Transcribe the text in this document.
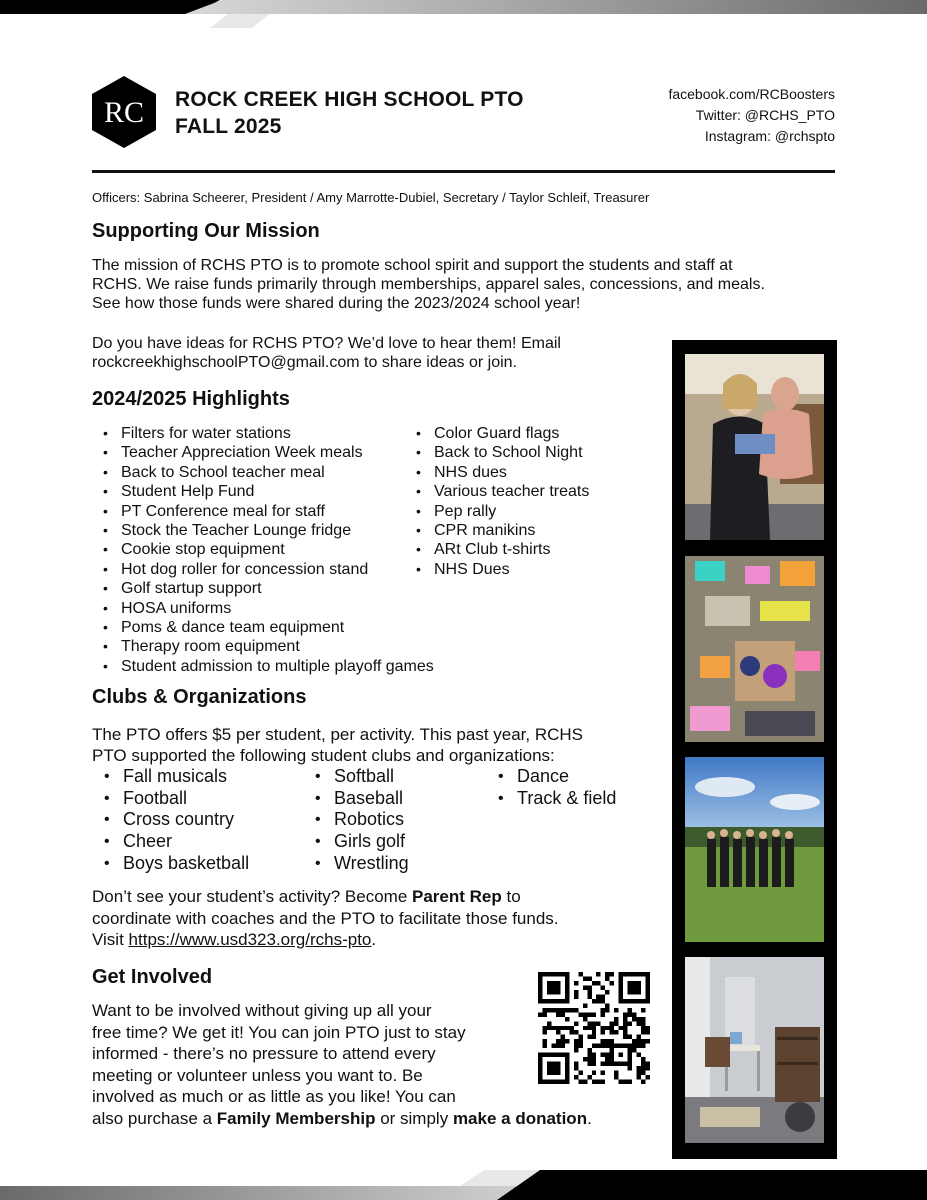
RC ROCK CREEK HIGH SCHOOL PTO
FALL 2025
facebook.com/RCBoosters
Twitter: @RCHS_PTO
Instagram: @rchspto
Officers: Sabrina Scheerer, President / Amy Marrotte-Dubiel, Secretary / Taylor Schleif, Treasurer
Supporting Our Mission
The mission of RCHS PTO is to promote school spirit and support the students and staff at
RCHS. We raise funds primarily through memberships, apparel sales, concessions, and meals.
See how those funds were shared during the 2023/2024 school year!
Do you have ideas for RCHS PTO? We’d love to hear them! Email
rockcreekhighschoolPTO@gmail.com to share ideas or join.
2024/2025 Highlights
• Filters for water stations
• Teacher Appreciation Week meals
• Back to School teacher meal
• Student Help Fund
• PT Conference meal for staff
• Stock the Teacher Lounge fridge
• Cookie stop equipment
• Hot dog roller for concession stand
• Golf startup support
• HOSA uniforms
• Poms & dance team equipment
• Therapy room equipment
• Student admission to multiple playoff games
• Color Guard flags
• Back to School Night
• NHS dues
• Various teacher treats
• Pep rally
• CPR manikins
• ARt Club t-shirts
• NHS Dues
Clubs & Organizations
The PTO offers $5 per student, per activity. This past year, RCHS
PTO supported the following student clubs and organizations:
• Fall musicals
• Football
• Cross country
• Cheer
• Boys basketball
• Softball
• Baseball
• Robotics
• Girls golf
• Wrestling
• Dance
• Track & field
Don’t see your student’s activity? Become Parent Rep to
coordinate with coaches and the PTO to facilitate those funds.
Visit https://www.usd323.org/rchs-pto.
Get Involved
Want to be involved without giving up all your
free time? We get it! You can join PTO just to stay
informed - there’s no pressure to attend every
meeting or volunteer unless you want to. Be
involved as much or as little as you like! You can
also purchase a Family Membership or simply make a donation.
